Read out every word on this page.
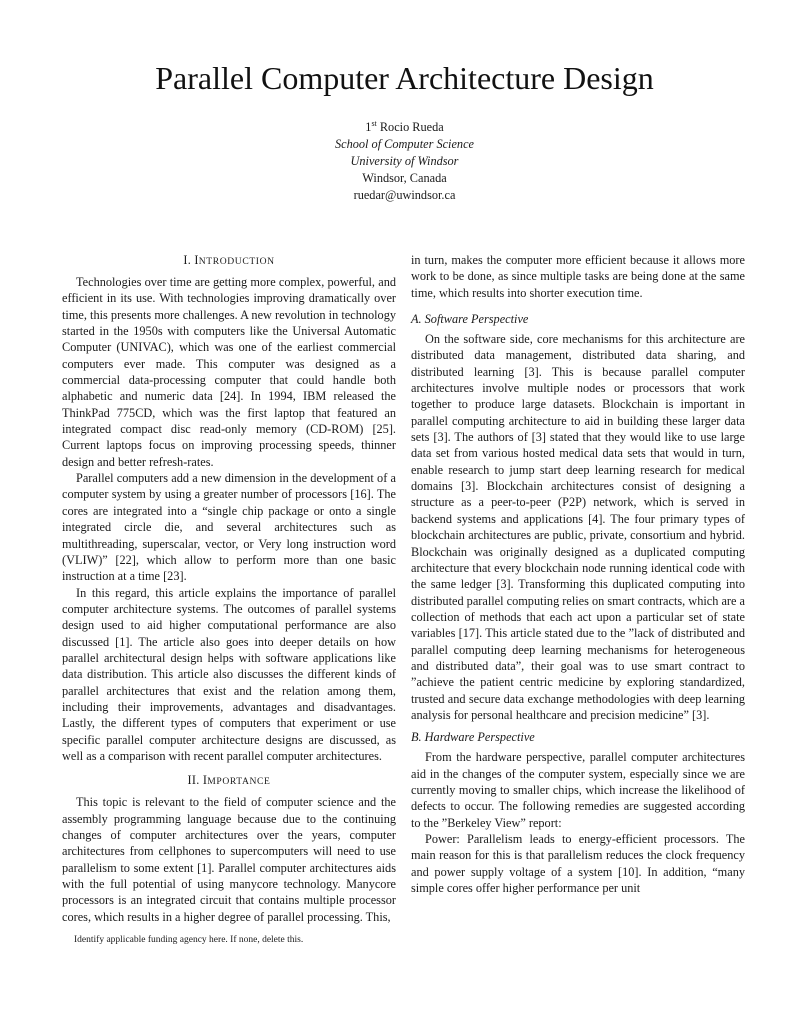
Parallel Computer Architecture Design
1st Rocio Rueda
School of Computer Science
University of Windsor
Windsor, Canada
ruedar@uwindsor.ca
I. INTRODUCTION

Technologies over time are getting more complex, powerful, and efficient in its use. With technologies improving dramatically over time, this presents more challenges. A new revolution in technology started in the 1950s with computers like the Universal Automatic Computer (UNIVAC), which was one of the earliest commercial computers ever made. This computer was designed as a commercial data-processing computer that could handle both alphabetic and numeric data [24]. In 1994, IBM released the ThinkPad 775CD, which was the first laptop that featured an integrated compact disc read-only memory (CD-ROM) [25]. Current laptops focus on improving processing speeds, thinner design and better refresh-rates.

Parallel computers add a new dimension in the development of a computer system by using a greater number of processors [16]. The cores are integrated into a “single chip package or onto a single integrated circle die, and several architectures such as multithreading, superscalar, vector, or Very long instruction word (VLIW)” [22], which allow to perform more than one basic instruction at a time [23].

In this regard, this article explains the importance of parallel computer architecture systems. The outcomes of parallel systems design used to aid higher computational performance are also discussed [1]. The article also goes into deeper details on how parallel architectural design helps with software applications like data distribution. This article also discusses the different kinds of parallel architectures that exist and the relation among them, including their improvements, advantages and disadvantages. Lastly, the different types of computers that experiment or use specific parallel computer architecture designs are discussed, as well as a comparison with recent parallel computer architectures.

II. IMPORTANCE

This topic is relevant to the field of computer science and the assembly programming language because due to the continuing changes of computer architectures over the years, computer architectures from cellphones to supercomputers will need to use parallelism to some extent [1]. Parallel computer architectures aids with the full potential of using manycore technology. Manycore processors is an integrated circuit that contains multiple processor cores, which results in a higher degree of parallel processing. This,

in turn, makes the computer more efficient because it allows more work to be done, as since multiple tasks are being done at the same time, which results into shorter execution time.

A. Software Perspective

On the software side, core mechanisms for this architecture are distributed data management, distributed data sharing, and distributed learning [3]. This is because parallel computer architectures involve multiple nodes or processors that work together to produce large datasets. Blockchain is important in parallel computing architecture to aid in building these larger data sets [3]. The authors of [3] stated that they would like to use large data set from various hosted medical data sets that would in turn, enable research to jump start deep learning research for medical domains [3]. Blockchain architectures consist of designing a structure as a peer-to-peer (P2P) network, which is served in backend systems and applications [4]. The four primary types of blockchain architectures are public, private, consortium and hybrid. Blockchain was originally designed as a duplicated computing architecture that every blockchain node running identical code with the same ledger [3]. Transforming this duplicated computing into distributed parallel computing relies on smart contracts, which are a collection of methods that each act upon a particular set of state variables [17]. This article stated due to the ”lack of distributed and parallel computing deep learning mechanisms for heterogeneous and distributed data”, their goal was to use smart contract to ”achieve the patient centric medicine by exploring standardized, trusted and secure data exchange methodologies with deep learning analysis for personal healthcare and precision medicine” [3].

B. Hardware Perspective

From the hardware perspective, parallel computer architectures aid in the changes of the computer system, especially since we are currently moving to smaller chips, which increase the likelihood of defects to occur. The following remedies are suggested according to the ”Berkeley View” report:

Power: Parallelism leads to energy-efficient processors. The main reason for this is that parallelism reduces the clock frequency and power supply voltage of a system [10]. In addition, “many simple cores offer higher performance per unit

Identify applicable funding agency here. If none, delete this.
